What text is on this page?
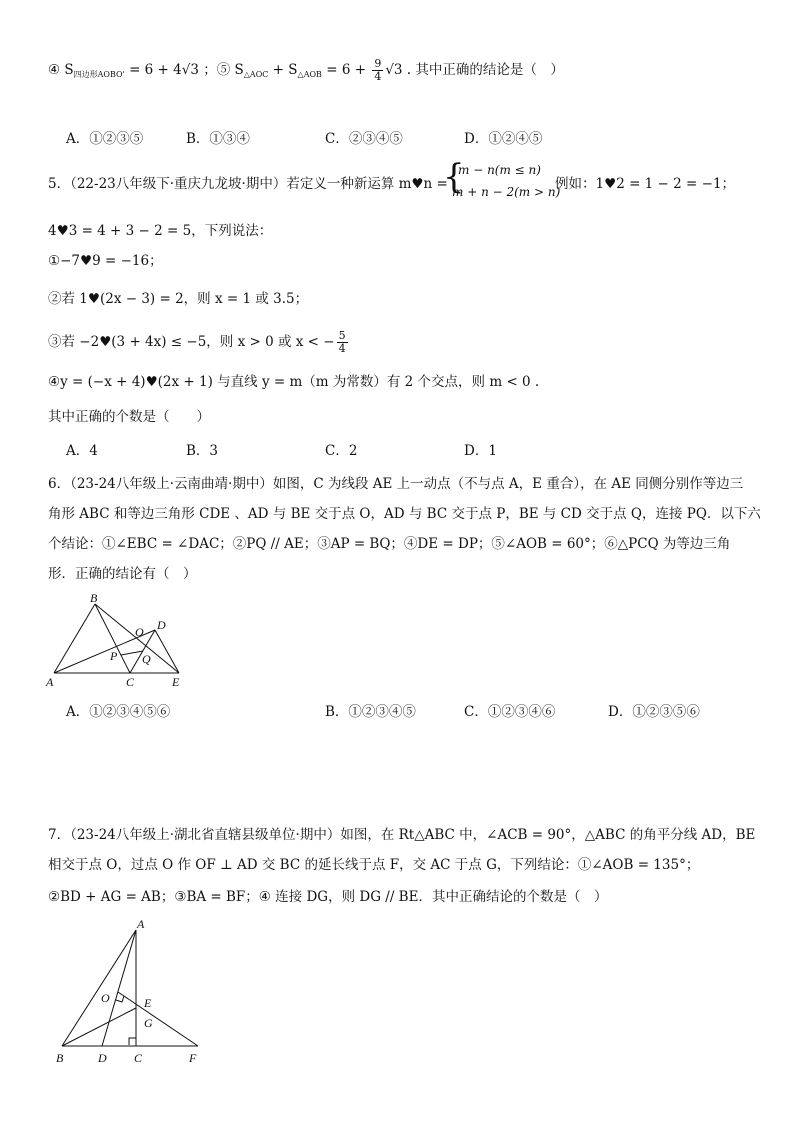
④ $S_{四边形AOBO'} = 6 + 4√3$ ；⑤ $S_{\triangle AOC} + S_{\triangle AOB} = 6 + \frac{9}{4} √3$ . 其中正确的结论是（　）
A．①②③⑤	B．①③④	C．②③④⑤	D．①②④⑤
5．（22-23八年级下·重庆九龙坡·期中）若定义一种新运算 m♥n =
{
m − n(m ≤ n)
m + n − 2(m > n)
例如：1♥2 = 1 − 2 = −1；
4♥3 = 4 + 3 − 2 = 5，下列说法：
①−7♥9 = −16；
②若 1♥(2x − 3) = 2，则 x = 1 或 3.5；
③若 −2♥(3 + 4x) ≤ −5，则 x > 0 或 x < − $\frac{5}{4}$
④y = (−x + 4)♥(2x + 1) 与直线 y = m（m 为常数）有 2 个交点，则 m < 0 .
其中正确的个数是（　　）
A．4	B．3	C．2	D．1
6．（23-24八年级上·云南曲靖·期中）如图，C 为线段 AE 上一动点（不与点 A，E 重合），在 AE 同侧分别作等边三
角形 ABC 和等边三角形 CDE 、AD 与 BE 交于点 O，AD 与 BC 交于点 P，BE 与 CD 交于点 Q，连接 PQ．以下六
个结论：①∠EBC = ∠DAC；②PQ // AE；③AP = BQ；④DE = DP；⑤∠AOB = 60°；⑥△PCQ 为等边三角
形．正确的结论有（　）
B
D
O
P Q
A	C	E
A．①②③④⑤⑥	B．①②③④⑤	C．①②③④⑥	D．①②③⑤⑥
7．（23-24八年级上·湖北省直辖县级单位·期中）如图，在 Rt△ABC 中，∠ACB = 90°，△ABC 的角平分线 AD，BE
相交于点 O，过点 O 作 OF ⊥ AD 交 BC 的延长线于点 F，交 AC 于点 G，下列结论：①∠AOB = 135°；
②BD + AG = AB；③BA = BF；④ 连接 DG，则 DG // BE．其中正确结论的个数是（　）
A
E
O
G
B	D C	F
